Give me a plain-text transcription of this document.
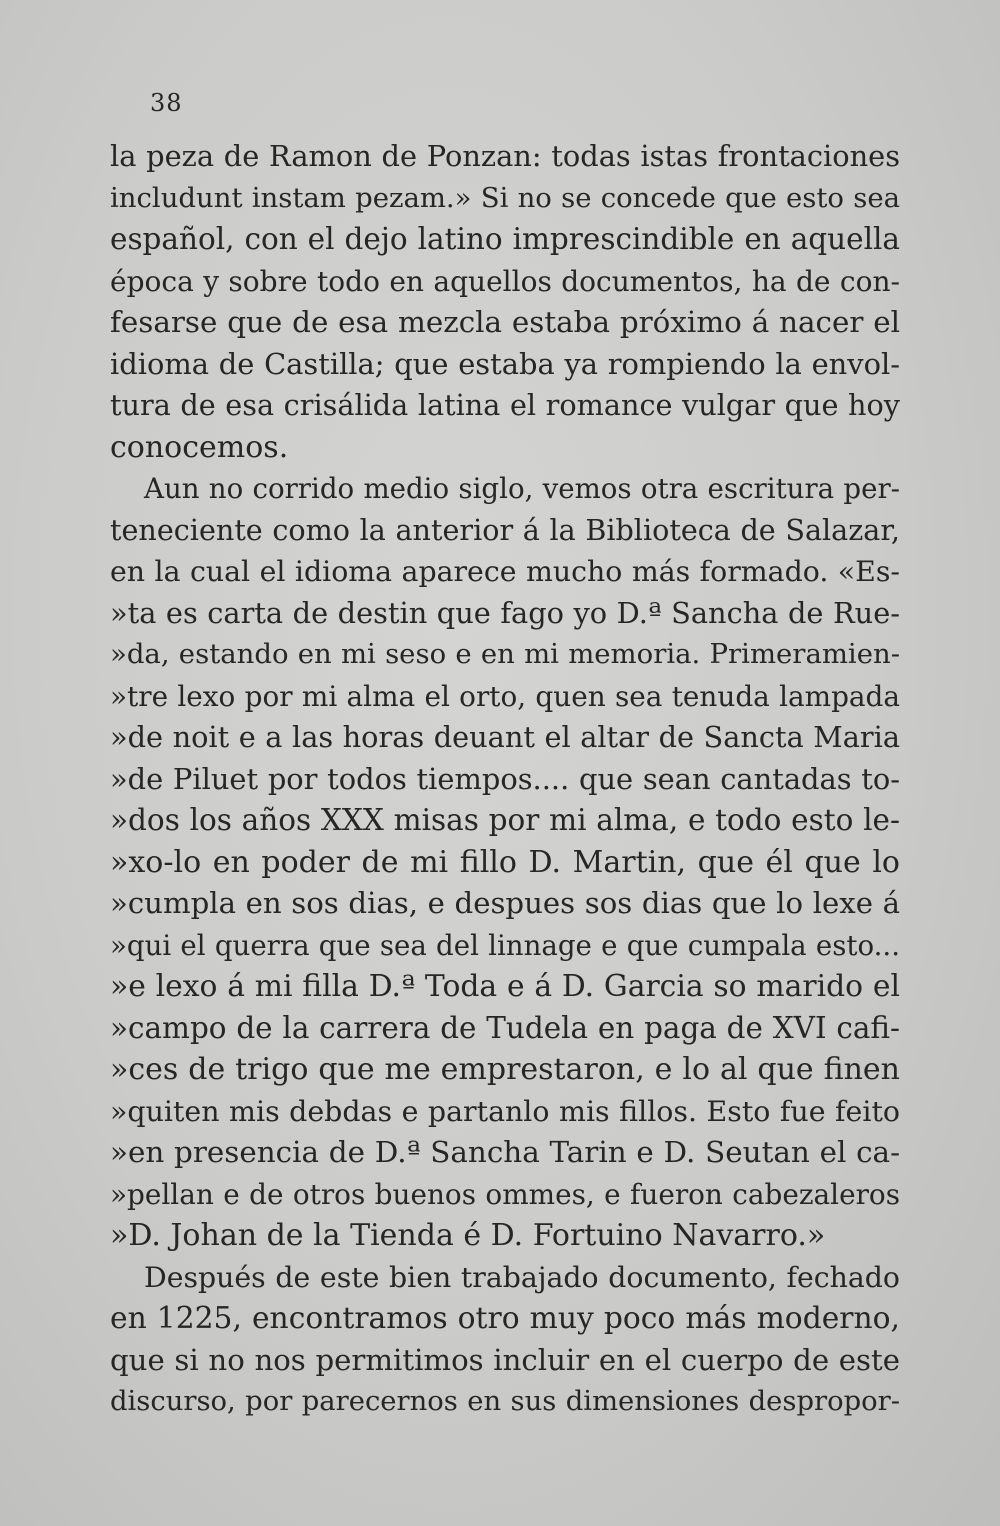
38
la peza de Ramon de Ponzan: todas istas frontaciones
includunt instam pezam.» Si no se concede que esto sea
español, con el dejo latino imprescindible en aquella
época y sobre todo en aquellos documentos, ha de con-
fesarse que de esa mezcla estaba próximo á nacer el
idioma de Castilla; que estaba ya rompiendo la envol-
tura de esa crisálida latina el romance vulgar que hoy
conocemos.
Aun no corrido medio siglo, vemos otra escritura per-
teneciente como la anterior á la Biblioteca de Salazar,
en la cual el idioma aparece mucho más formado. «Es-
»ta es carta de destin que fago yo D.ª Sancha de Rue-
»da, estando en mi seso e en mi memoria. Primeramien-
»tre lexo por mi alma el orto, quen sea tenuda lampada
»de noit e a las horas deuant el altar de Sancta Maria
»de Piluet por todos tiempos.... que sean cantadas to-
»dos los años XXX misas por mi alma, e todo esto le-
»xo-lo en poder de mi fillo D. Martin, que él que lo
»cumpla en sos dias, e despues sos dias que lo lexe á
»qui el querra que sea del linnage e que cumpala esto...
»e lexo á mi filla D.ª Toda e á D. Garcia so marido el
»campo de la carrera de Tudela en paga de XVI cafi-
»ces de trigo que me emprestaron, e lo al que finen
»quiten mis debdas e partanlo mis fillos. Esto fue feito
»en presencia de D.ª Sancha Tarin e D. Seutan el ca-
»pellan e de otros buenos ommes, e fueron cabezaleros
»D. Johan de la Tienda é D. Fortuino Navarro.»
Después de este bien trabajado documento, fechado
en 1225, encontramos otro muy poco más moderno,
que si no nos permitimos incluir en el cuerpo de este
discurso, por parecernos en sus dimensiones despropor-
